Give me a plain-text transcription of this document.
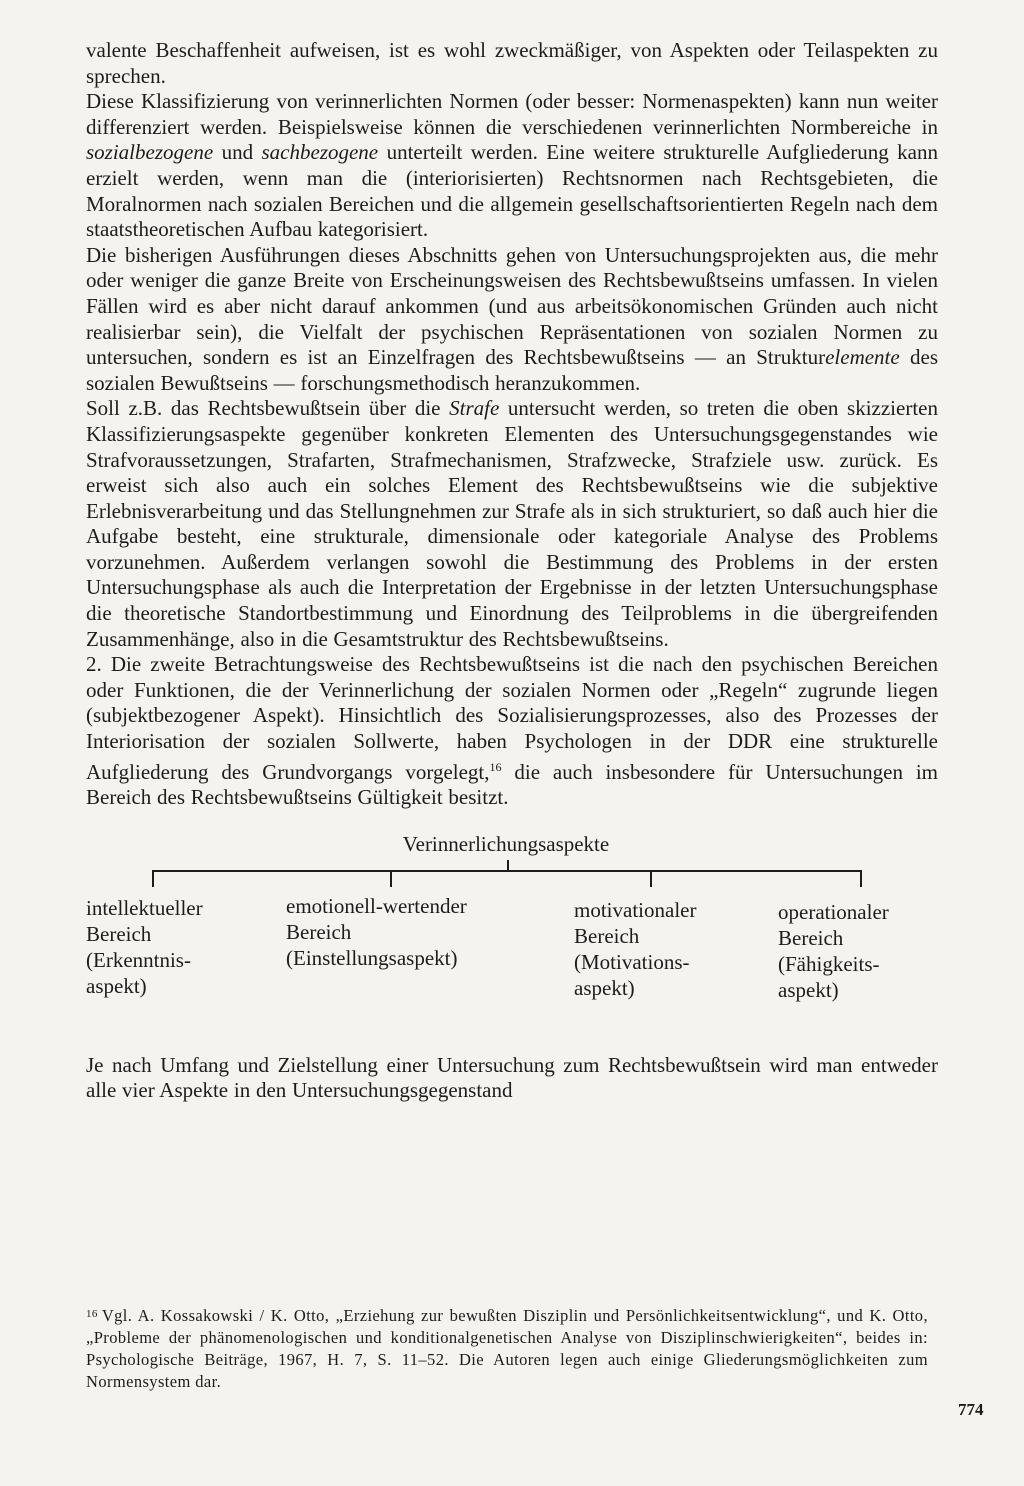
valente Beschaffenheit aufweisen, ist es wohl zweckmäßiger, von Aspekten oder Teilaspekten zu sprechen.

Diese Klassifizierung von verinnerlichten Normen (oder besser: Normenaspekten) kann nun weiter differenziert werden. Beispielsweise können die verschiedenen verinnerlichten Normbereiche in sozialbezogene und sachbezogene unterteilt werden. Eine weitere strukturelle Aufgliederung kann erzielt werden, wenn man die (interiorisierten) Rechtsnormen nach Rechtsgebieten, die Moralnormen nach sozialen Bereichen und die allgemein gesellschaftsorientierten Regeln nach dem staatstheoretischen Aufbau kategorisiert.

Die bisherigen Ausführungen dieses Abschnitts gehen von Untersuchungsprojekten aus, die mehr oder weniger die ganze Breite von Erscheinungsweisen des Rechtsbewußtseins umfassen. In vielen Fällen wird es aber nicht darauf ankommen (und aus arbeitsökonomischen Gründen auch nicht realisierbar sein), die Vielfalt der psychischen Repräsentationen von sozialen Normen zu untersuchen, sondern es ist an Einzelfragen des Rechtsbewußtseins — an Strukturelemente des sozialen Bewußtseins — forschungsmethodisch heranzukommen.

Soll z.B. das Rechtsbewußtsein über die Strafe untersucht werden, so treten die oben skizzierten Klassifizierungsaspekte gegenüber konkreten Elementen des Untersuchungsgegenstandes wie Strafvoraussetzungen, Strafarten, Strafmechanismen, Strafzwecke, Strafziele usw. zurück. Es erweist sich also auch ein solches Element des Rechtsbewußtseins wie die subjektive Erlebnisverarbeitung und das Stellungnehmen zur Strafe als in sich strukturiert, so daß auch hier die Aufgabe besteht, eine strukturale, dimensionale oder kategoriale Analyse des Problems vorzunehmen. Außerdem verlangen sowohl die Bestimmung des Problems in der ersten Untersuchungsphase als auch die Interpretation der Ergebnisse in der letzten Untersuchungsphase die theoretische Standortbestimmung und Einordnung des Teilproblems in die übergreifenden Zusammenhänge, also in die Gesamtstruktur des Rechtsbewußtseins.

2. Die zweite Betrachtungsweise des Rechtsbewußtseins ist die nach den psychischen Bereichen oder Funktionen, die der Verinnerlichung der sozialen Normen oder „Regeln“ zugrunde liegen (subjektbezogener Aspekt). Hinsichtlich des Sozialisierungsprozesses, also des Prozesses der Interiorisation der sozialen Sollwerte, haben Psychologen in der DDR eine strukturelle Aufgliederung des Grundvorgangs vorgelegt,$^{16}$ die auch insbesondere für Untersuchungen im Bereich des Rechtsbewußtseins Gültigkeit besitzt.

Verinnerlichungsaspekte
intellektueller
Bereich
(Erkenntnis-
aspekt)
emotionell-wertender
Bereich
(Einstellungsaspekt)
motivationaler
Bereich
(Motivations-
aspekt)
operationaler
Bereich
(Fähigkeits-
aspekt)

Je nach Umfang und Zielstellung einer Untersuchung zum Rechtsbewußtsein wird man entweder alle vier Aspekte in den Untersuchungsgegenstand

$^{16}$ Vgl. A. Kossakowski / K. Otto, „Erziehung zur bewußten Disziplin und Persönlichkeitsentwicklung“, und K. Otto, „Probleme der phänomenologischen und konditionalgenetischen Analyse von Disziplinschwierigkeiten“, beides in: Psychologische Beiträge, 1967, H. 7, S. 11–52. Die Autoren legen auch einige Gliederungsmöglichkeiten zum Normensystem dar.
774
